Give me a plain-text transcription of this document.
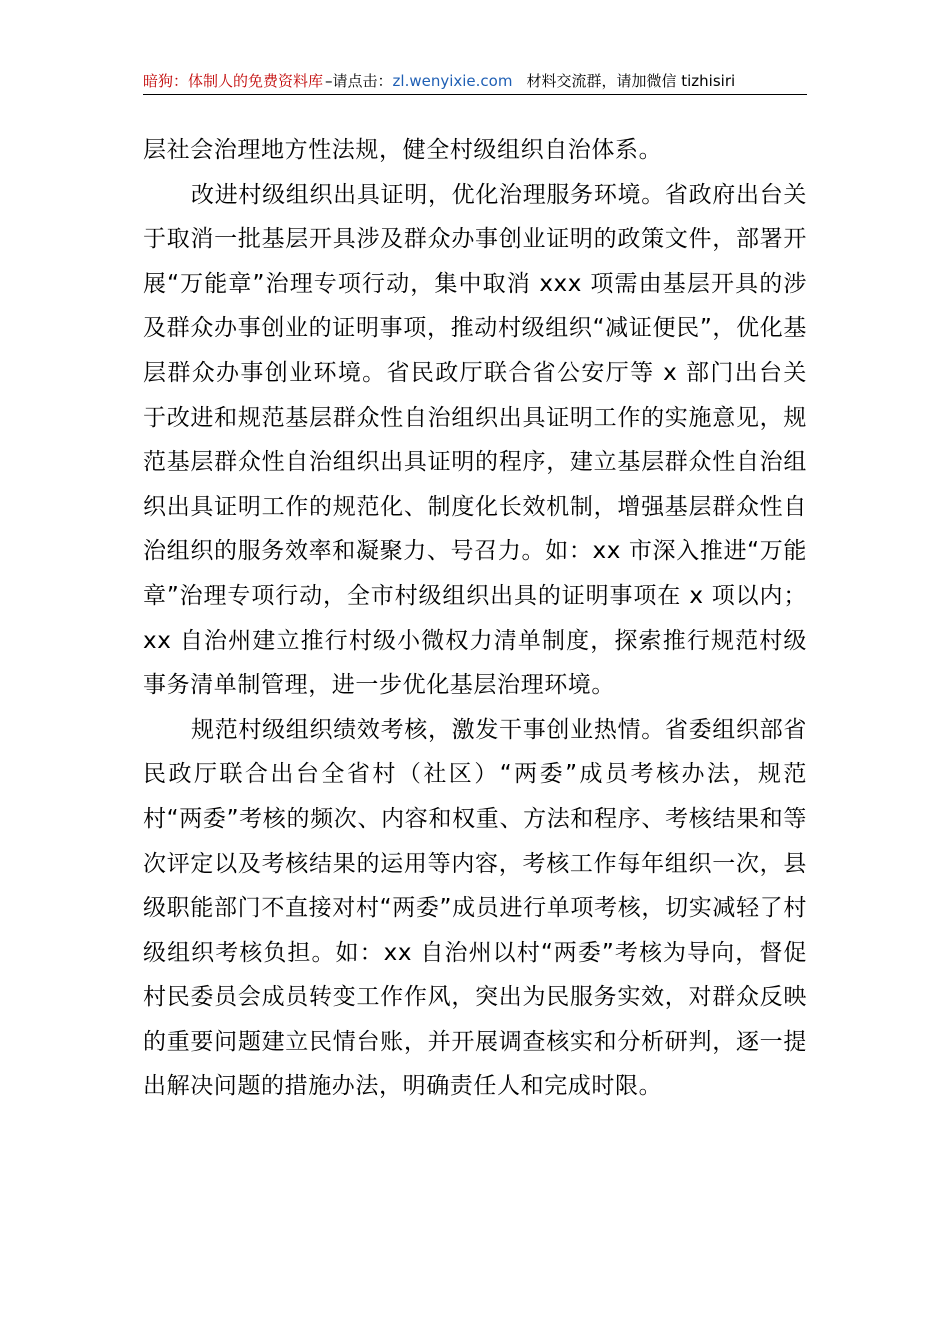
暗狗：体制人的免费资料库 –请点击：zl.wenyixie.com 材料交流群，请加微信 tizhisiri

层社会治理地方性法规，健全村级组织自治体系。

改进村级组织出具证明，优化治理服务环境。省政府出台关于取消一批基层开具涉及群众办事创业证明的政策文件，部署开展“万能章”治理专项行动，集中取消 xxx 项需由基层开具的涉及群众办事创业的证明事项，推动村级组织“减证便民”，优化基层群众办事创业环境。省民政厅联合省公安厅等 x 部门出台关于改进和规范基层群众性自治组织出具证明工作的实施意见，规范基层群众性自治组织出具证明的程序，建立基层群众性自治组织出具证明工作的规范化、制度化长效机制，增强基层群众性自治组织的服务效率和凝聚力、号召力。如：xx 市深入推进“万能章”治理专项行动，全市村级组织出具的证明事项在 x 项以内；xx 自治州建立推行村级小微权力清单制度，探索推行规范村级事务清单制管理，进一步优化基层治理环境。

规范村级组织绩效考核，激发干事创业热情。省委组织部省民政厅联合出台全省村（社区）“两委”成员考核办法，规范村“两委”考核的频次、内容和权重、方法和程序、考核结果和等次评定以及考核结果的运用等内容，考核工作每年组织一次，县级职能部门不直接对村“两委”成员进行单项考核，切实减轻了村级组织考核负担。如：xx 自治州以村“两委”考核为导向，督促村民委员会成员转变工作作风，突出为民服务实效，对群众反映的重要问题建立民情台账，并开展调查核实和分析研判，逐一提出解决问题的措施办法，明确责任人和完成时限。
